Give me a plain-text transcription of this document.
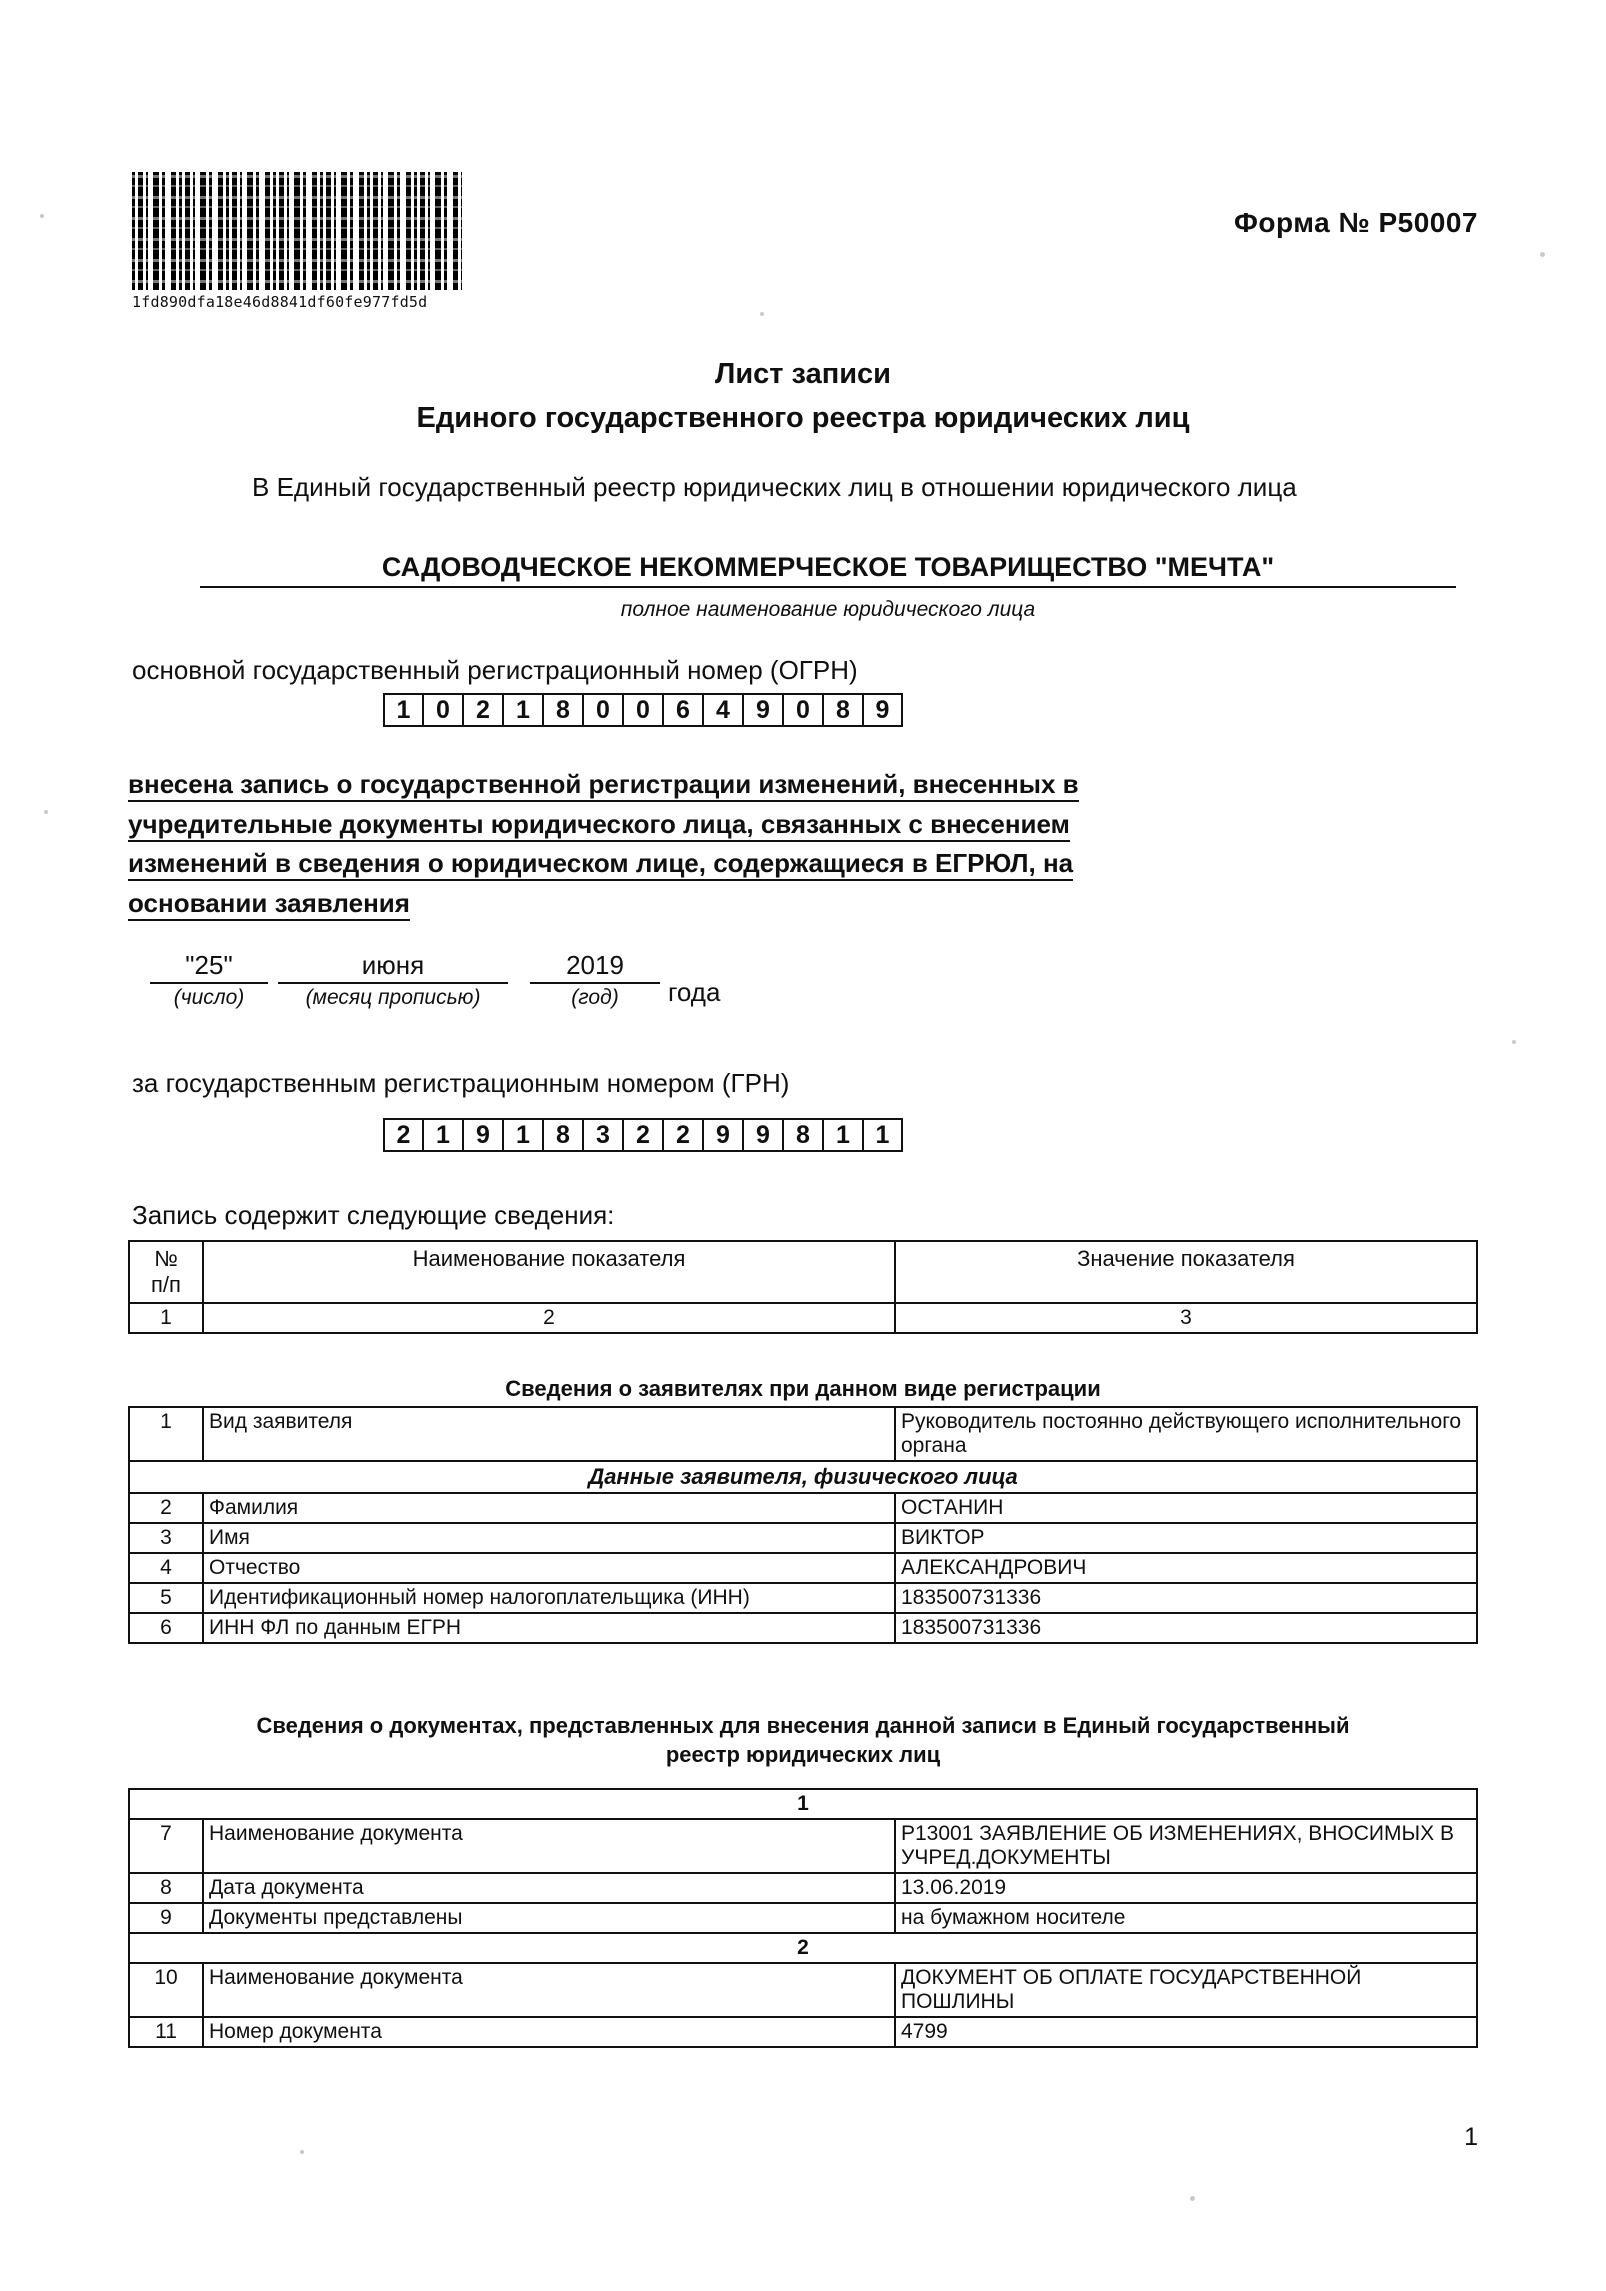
1fd890dfa18e46d8841df60fe977fd5d
Форма № Р50007
Лист записи
Единого государственного реестра юридических лиц
В Единый государственный реестр юридических лиц в отношении юридического лица
САДОВОДЧЕСКОЕ НЕКОММЕРЧЕСКОЕ ТОВАРИЩЕСТВО "МЕЧТА"
полное наименование юридического лица
основной государственный регистрационный номер (ОГРН)
1	0	2	1	8	0	0	6	4	9	0	8	9
внесена запись о государственной регистрации изменений, внесенных в
учредительные документы юридического лица, связанных с внесением
изменений в сведения о юридическом лице, содержащиеся в ЕГРЮЛ, на
основании заявления
"25"
(число)
июня
(месяц прописью)
2019
(год)	года
за государственным регистрационным номером (ГРН)
2	1	9	1	8	3	2	2	9	9	8	1	1
Запись содержит следующие сведения:
№
п/п	Наименование показателя	Значение показателя
1	2	3
Сведения о заявителях при данном виде регистрации
1	Вид заявителя	Руководитель постоянно действующего исполнительного органа
Данные заявителя, физического лица		
2	Фамилия	ОСТАНИН
3	Имя	ВИКТОР
4	Отчество	АЛЕКСАНДРОВИЧ
5	Идентификационный номер налогоплательщика (ИНН)	183500731336
6	ИНН ФЛ по данным ЕГРН	183500731336
Сведения о документах, представленных для внесения данной записи в Единый государственный
реестр юридических лиц
1		
7	Наименование документа	Р13001 ЗАЯВЛЕНИЕ ОБ ИЗМЕНЕНИЯХ, ВНОСИМЫХ В УЧРЕД.ДОКУМЕНТЫ
8	Дата документа	13.06.2019
9	Документы представлены	на бумажном носителе
2		
10	Наименование документа	ДОКУМЕНТ ОБ ОПЛАТЕ ГОСУДАРСТВЕННОЙ ПОШЛИНЫ
11	Номер документа	4799
1
